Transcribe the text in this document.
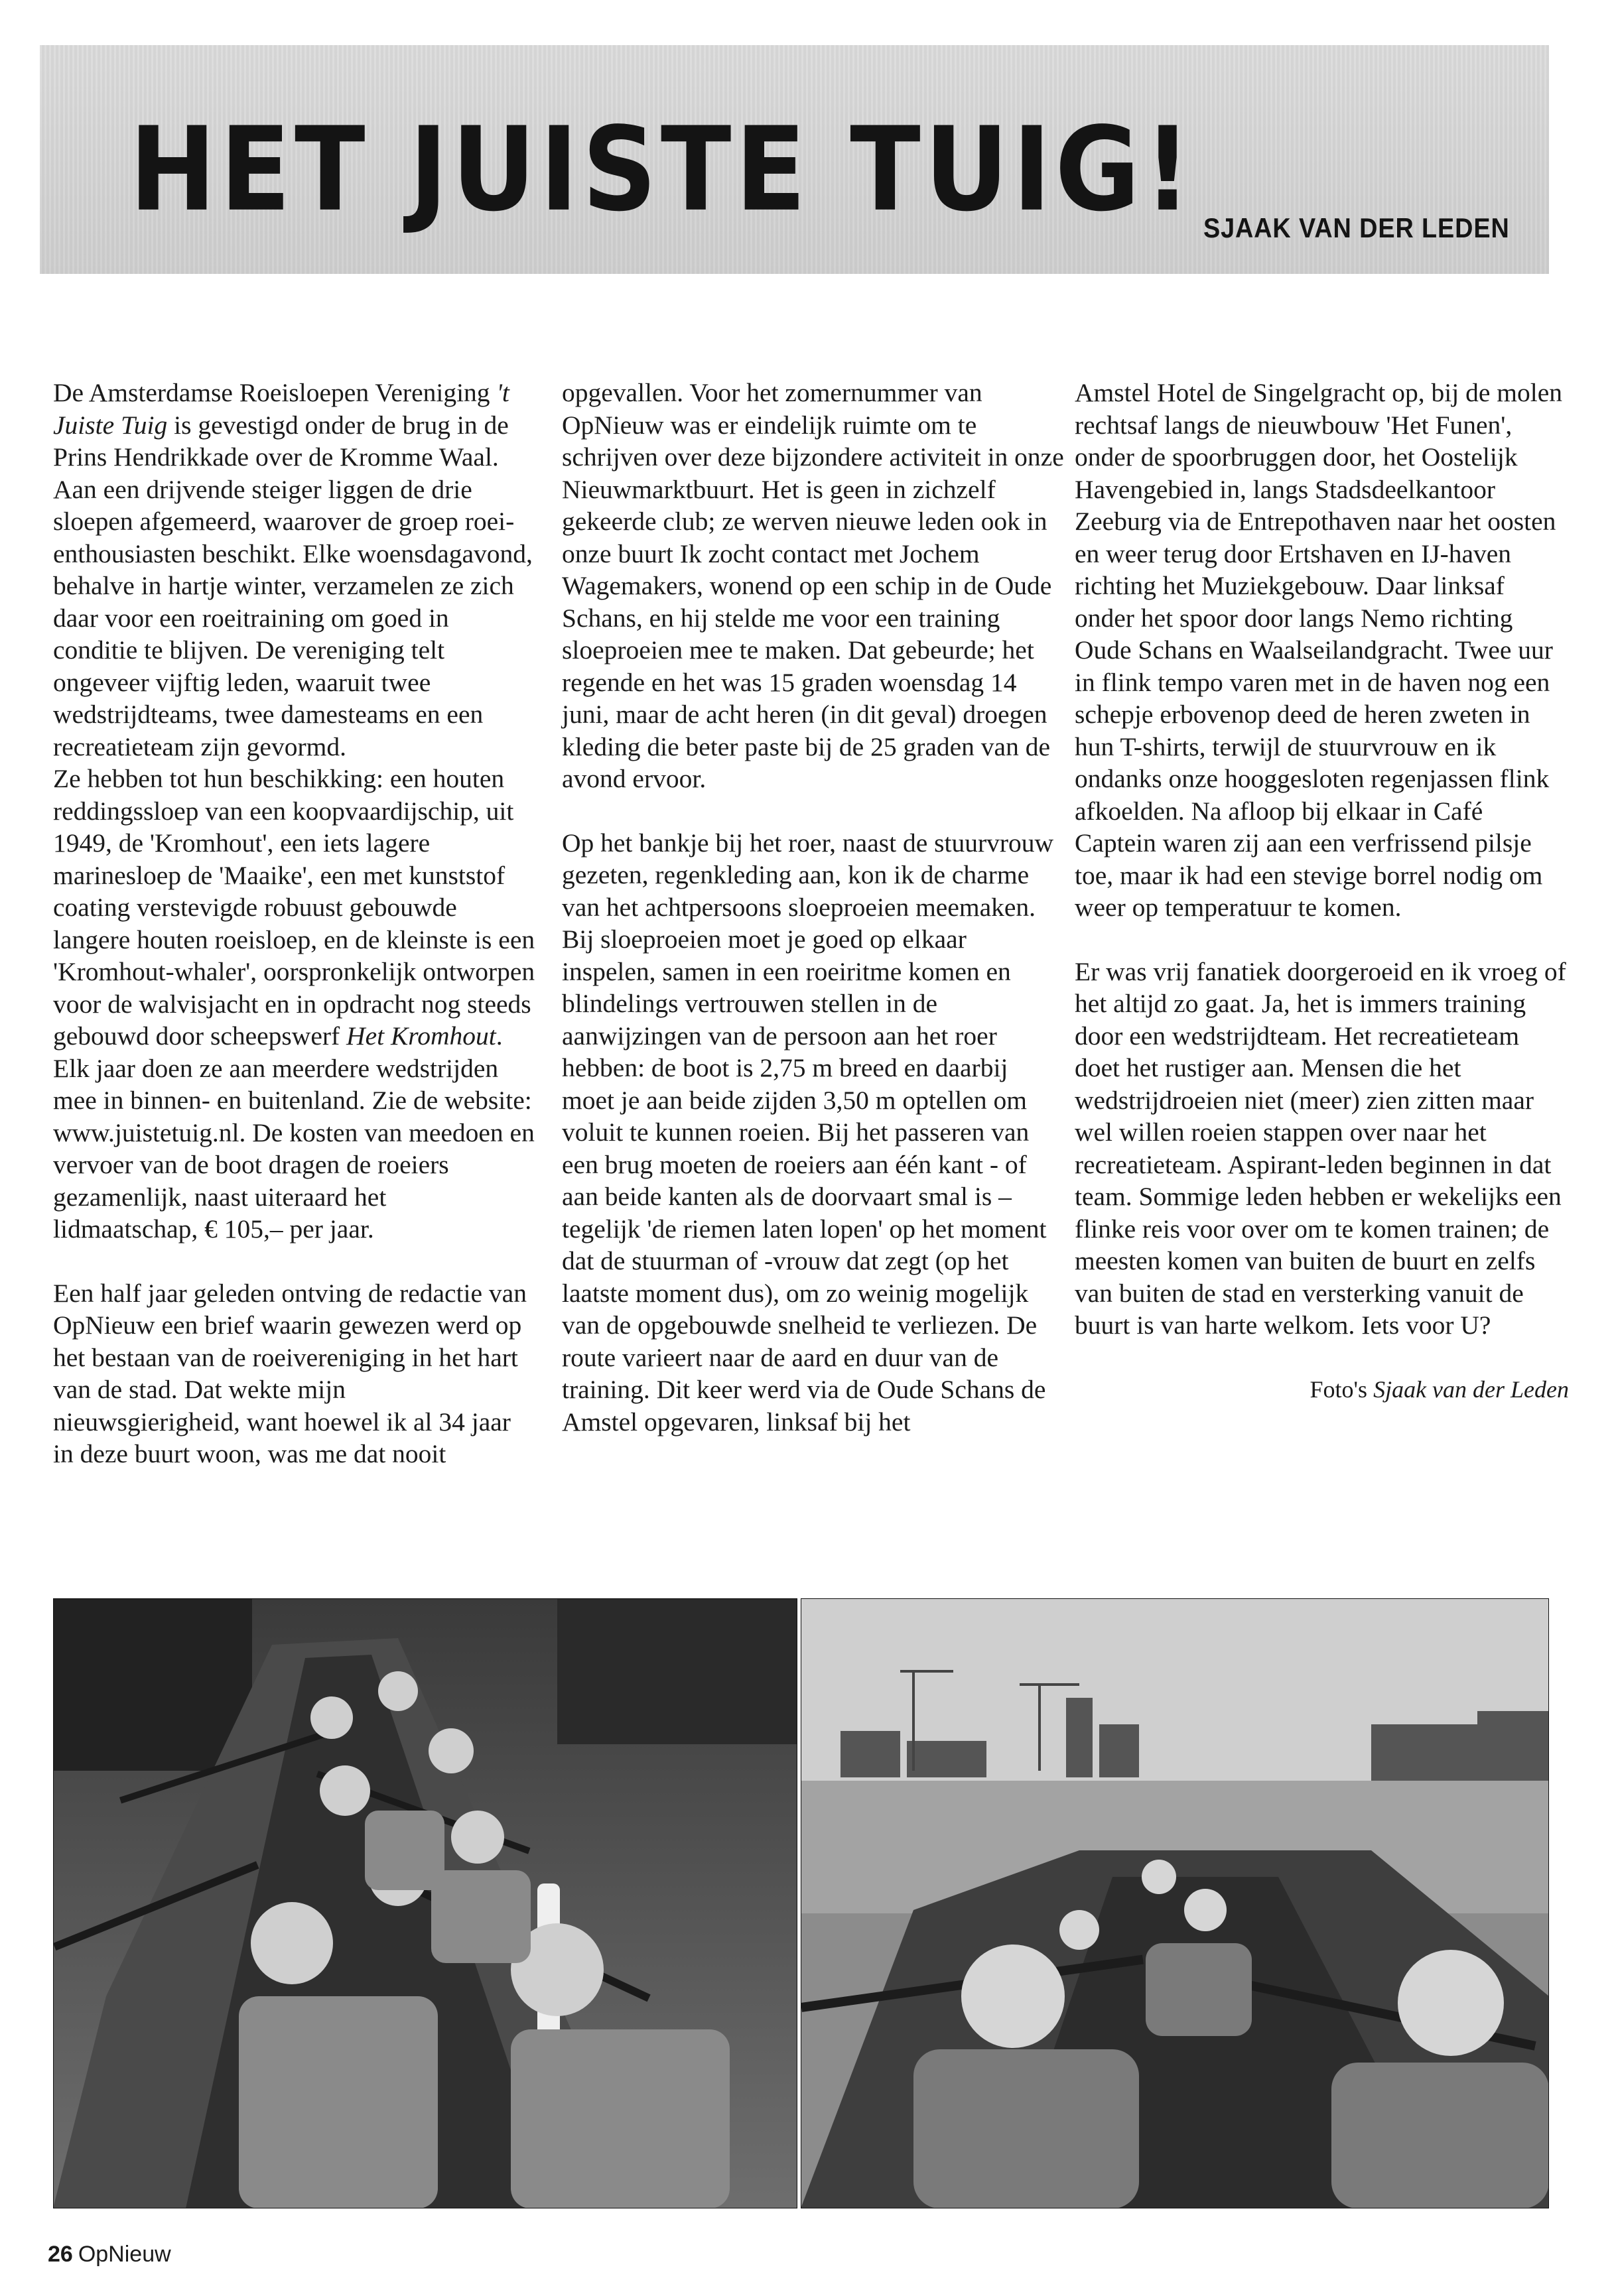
HET JUISTE TUIG! SJAAK VAN DER LEDEN

De Amsterdamse Roeisloepen Vereniging 't Juiste Tuig is gevestigd onder de brug in de Prins Hendrikkade over de Kromme Waal. Aan een drijvende steiger liggen de drie sloepen afgemeerd, waarover de groep roei-enthousiasten beschikt. Elke woensdagavond, behalve in hartje winter, verzamelen ze zich daar voor een roeitraining om goed in conditie te blijven. De vereniging telt ongeveer vijftig leden, waaruit twee wedstrijdteams, twee damesteams en een recreatieteam zijn gevormd.

Ze hebben tot hun beschikking: een houten reddingssloep van een koopvaardijschip, uit 1949, de 'Kromhout', een iets lagere marinesloep de 'Maaike', een met kunststof coating verstevigde robuust gebouwde langere houten roeisloep, en de kleinste is een 'Kromhout-whaler', oorspronkelijk ontworpen voor de walvisjacht en in opdracht nog steeds gebouwd door scheepswerf Het Kromhout. Elk jaar doen ze aan meerdere wedstrijden mee in binnen- en buitenland. Zie de website: www.juistetuig.nl. De kosten van meedoen en vervoer van de boot dragen de roeiers gezamenlijk, naast uiteraard het lidmaatschap, € 105,– per jaar.

Een half jaar geleden ontving de redactie van OpNieuw een brief waarin gewezen werd op het bestaan van de roeivereniging in het hart van de stad. Dat wekte mijn nieuwsgierigheid, want hoewel ik al 34 jaar in deze buurt woon, was me dat nooit

opgevallen. Voor het zomernummer van OpNieuw was er eindelijk ruimte om te schrijven over deze bijzondere activiteit in onze Nieuwmarktbuurt. Het is geen in zichzelf gekeerde club; ze werven nieuwe leden ook in onze buurt Ik zocht contact met Jochem Wagemakers, wonend op een schip in de Oude Schans, en hij stelde me voor een training sloeproeien mee te maken. Dat gebeurde; het regende en het was 15 graden woensdag 14 juni, maar de acht heren (in dit geval) droegen kleding die beter paste bij de 25 graden van de avond ervoor.

Op het bankje bij het roer, naast de stuurvrouw gezeten, regenkleding aan, kon ik de charme van het achtpersoons sloeproeien meemaken. Bij sloeproeien moet je goed op elkaar inspelen, samen in een roeiritme komen en blindelings vertrouwen stellen in de aanwijzingen van de persoon aan het roer hebben: de boot is 2,75 m breed en daarbij moet je aan beide zijden 3,50 m optellen om voluit te kunnen roeien. Bij het passeren van een brug moeten de roeiers aan één kant - of aan beide kanten als de doorvaart smal is – tegelijk 'de riemen laten lopen' op het moment dat de stuurman of -vrouw dat zegt (op het laatste moment dus), om zo weinig mogelijk van de opgebouwde snelheid te verliezen. De route varieert naar de aard en duur van de training. Dit keer werd via de Oude Schans de Amstel opgevaren, linksaf bij het

Amstel Hotel de Singelgracht op, bij de molen rechtsaf langs de nieuwbouw 'Het Funen', onder de spoorbruggen door, het Oostelijk Havengebied in, langs Stadsdeelkantoor Zeeburg via de Entrepothaven naar het oosten en weer terug door Ertshaven en IJ-haven richting het Muziekgebouw. Daar linksaf onder het spoor door langs Nemo richting Oude Schans en Waalseilandgracht. Twee uur in flink tempo varen met in de haven nog een schepje erbovenop deed de heren zweten in hun T-shirts, terwijl de stuurvrouw en ik ondanks onze hooggesloten regenjassen flink afkoelden. Na afloop bij elkaar in Café Captein waren zij aan een verfrissend pilsje toe, maar ik had een stevige borrel nodig om weer op temperatuur te komen.

Er was vrij fanatiek doorgeroeid en ik vroeg of het altijd zo gaat. Ja, het is immers training door een wedstrijdteam. Het recreatieteam doet het rustiger aan. Mensen die het wedstrijdroeien niet (meer) zien zitten maar wel willen roeien stappen over naar het recreatieteam. Aspirant-leden beginnen in dat team. Sommige leden hebben er wekelijks een flinke reis voor over om te komen trainen; de meesten komen van buiten de buurt en zelfs van buiten de stad en versterking vanuit de buurt is van harte welkom. Iets voor U?

Foto's Sjaak van der Leden

26 OpNieuw
